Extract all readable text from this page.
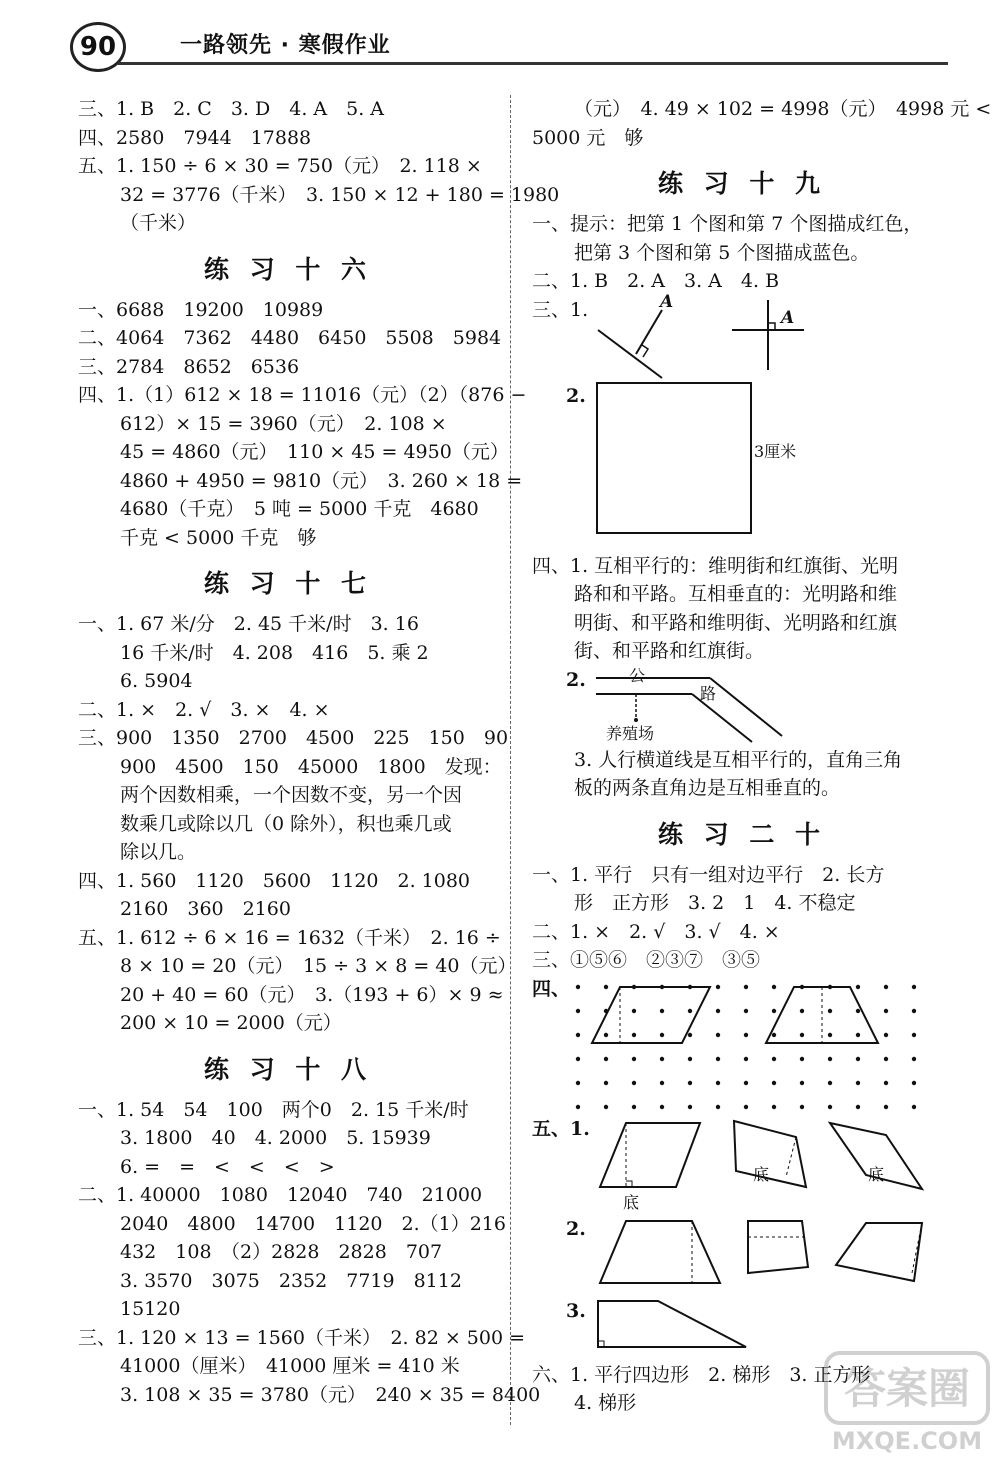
90	一路领先 · 寒假作业
三、1. B　2. C　3. D　4. A　5. A
四、2580　7944　17888
五、1. 150 ÷ 6 × 30 = 750（元）　2. 118 ×
32 = 3776（千米）　3. 150 × 12 + 180 = 1980
（千米）
练 习 十 六
一、6688　19200　10989
二、4064　7362　4480　6450　5508　5984
三、2784　8652　6536
四、1.（1）612 × 18 = 11016（元）（2）（876 −
612）× 15 = 3960（元）　2. 108 ×
45 = 4860（元）　110 × 45 = 4950（元）
4860 + 4950 = 9810（元）　3. 260 × 18 =
4680（千克）　5 吨 = 5000 千克　4680
千克 < 5000 千克　够
练 习 十 七
一、1. 67 米/分　2. 45 千米/时　3. 16
16 千米/时　4. 208　416　5. 乘 2
6. 5904
二、1. ×　2. √　3. ×　4. ×
三、900　1350　2700　4500　225　150　90
900　4500　150　45000　1800　发现：
两个因数相乘，一个因数不变，另一个因
数乘几或除以几（0 除外），积也乘几或
除以几。
四、1. 560　1120　5600　1120　2. 1080
2160　360　2160
五、1. 612 ÷ 6 × 16 = 1632（千米）　2. 16 ÷
8 × 10 = 20（元）　15 ÷ 3 × 8 = 40（元）
20 + 40 = 60（元）　3.（193 + 6）× 9 ≈
200 × 10 = 2000（元）
练 习 十 八
一、1. 54　54　100　两个0　2. 15 千米/时
3. 1800　40　4. 2000　5. 15939
6. =　=　<　<　<　>
二、1. 40000　1080　12040　740　21000
2040　4800　14700　1120　2.（1）216
432　108　（2）2828　2828　707
3. 3570　3075　2352　7719　8112
15120
三、1. 120 × 13 = 1560（千米）　2. 82 × 500 =
41000（厘米）　41000 厘米 = 410 米
3. 108 × 35 = 3780（元）　240 × 35 = 8400
（元）　4. 49 × 102 = 4998（元）　4998 元 <
5000 元　够
练 习 十 九
一、提示：把第 1 个图和第 7 个图描成红色，
把第 3 个图和第 5 个图描成蓝色。
二、1. B　2. A　3. A　4. B
三、1.	A
A
2.
3厘米
四、1. 互相平行的：维明街和红旗街、光明
路和和平路。互相垂直的：光明路和维
明街、和平路和维明街、光明路和红旗
街、和平路和红旗街。
2.	公
路
养殖场
3. 人行横道线是互相平行的，直角三角
板的两条直角边是互相垂直的。
练 习 二 十
一、1. 平行　只有一组对边平行　2. 长方
形　正方形　3. 2　1　4. 不稳定
二、1. ×　2. √　3. √　4. ×
三、①⑤⑥　②③⑦　③⑤
四、
五、1.
底
底	底
2.
3.
六、1. 平行四边形　2. 梯形　3. 正方形
4. 梯形	答案圈
MXQE.COM
